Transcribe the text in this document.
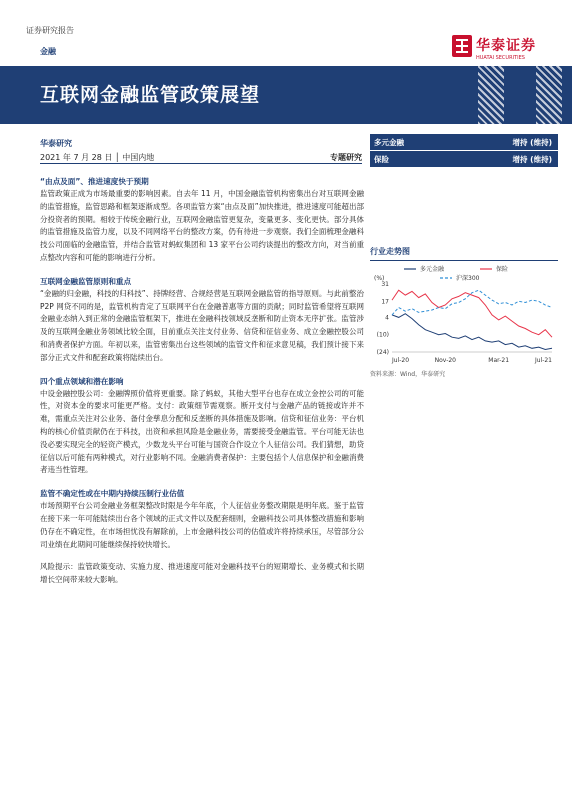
证券研究报告
金融	华泰证券
HUATAI SECURITIES
互联网金融监管政策展望
华泰研究
2021 年 7 月 28 日 │ 中国内地	专题研究
“由点及面”、推进速度快于预期
监管政策正成为市场最重要的影响因素。自去年 11 月，中国金融监管机构密集出台对互联网金融的监管措施，监管思路和框架逐渐成型。各项监管方案“由点及面”加快推进，推进速度可能超出部分投资者的预期。相较于传统金融行业，互联网金融监管更复杂，变量更多、变化更快。部分具体的监管措施及监管力度，以及不同网络平台的整改方案，仍有待进一步观察。我们全面梳理金融科技公司面临的金融监管，并结合监管对蚂蚁集团和 13 家平台公司约谈提出的整改方向，对当前重点整改内容和可能的影响进行分析。
互联网金融监管原则和重点
“金融的归金融，科技的归科技”、持牌经营、合规经营是互联网金融监管的指导原则。与此前整治 P2P 网贷不同的是，监管机构肯定了互联网平台在金融普惠等方面的贡献；同时监管希望将互联网金融业态纳入到正常的金融监管框架下，推进在金融科技领域反垄断和防止资本无序扩张。监管涉及的互联网金融业务领域比较全面，目前重点关注支付业务、信贷和征信业务、成立金融控股公司和消费者保护方面。年初以来，监管密集出台这些领域的监管文件和征求意见稿，我们预计接下来部分正式文件和配套政策将陆续出台。
四个重点领域和潜在影响
中设金融控股公司：金融牌照价值将更重要。除了蚂蚁，其他大型平台也存在成立金控公司的可能性，对资本金的要求可能更严格。支付：政策细节需观察。断开支付与金融产品的链接或许并不难，需重点关注对公业务、备付金孳息分配和反垄断的具体措施及影响。信贷和征信业务：平台机构的核心价值贡献仍在于科技，出资和承担风险是金融业务，需要接受金融监管。平台可能无法也没必要实现完全的轻资产模式，少数龙头平台可能与国资合作设立个人征信公司。我们猜想，助贷征信以后可能有两种模式，对行业影响不同。金融消费者保护：主要包括个人信息保护和金融消费者违当性管理。
监管不确定性或在中期内持续压制行业估值
市场预期平台公司金融业务框架整改时限是今年年底，个人征信业务整改期限是明年底。鉴于监管在接下来一年可能陆续出台各个领域的正式文件以及配套细则，金融科技公司具体整改措施和影响仍存在不确定性，在市场担忧没有解除前，上市金融科技公司的估值或许将持续承压，尽管部分公司业绩在此期间可能继续保持较快增长。
风险提示：监管政策变动、实施力度、推进速度可能对金融科技平台的短期增长、业务模式和长期增长空间带来较大影响。
多元金融	增持 (维持)
保险	增持 (维持)
行业走势图
(%)
31
17
4
(10)
(24)
Jul-20	Nov-20	Mar-21	Jul-21
多元金融	保险
沪深300
资料来源：Wind，华泰研究
